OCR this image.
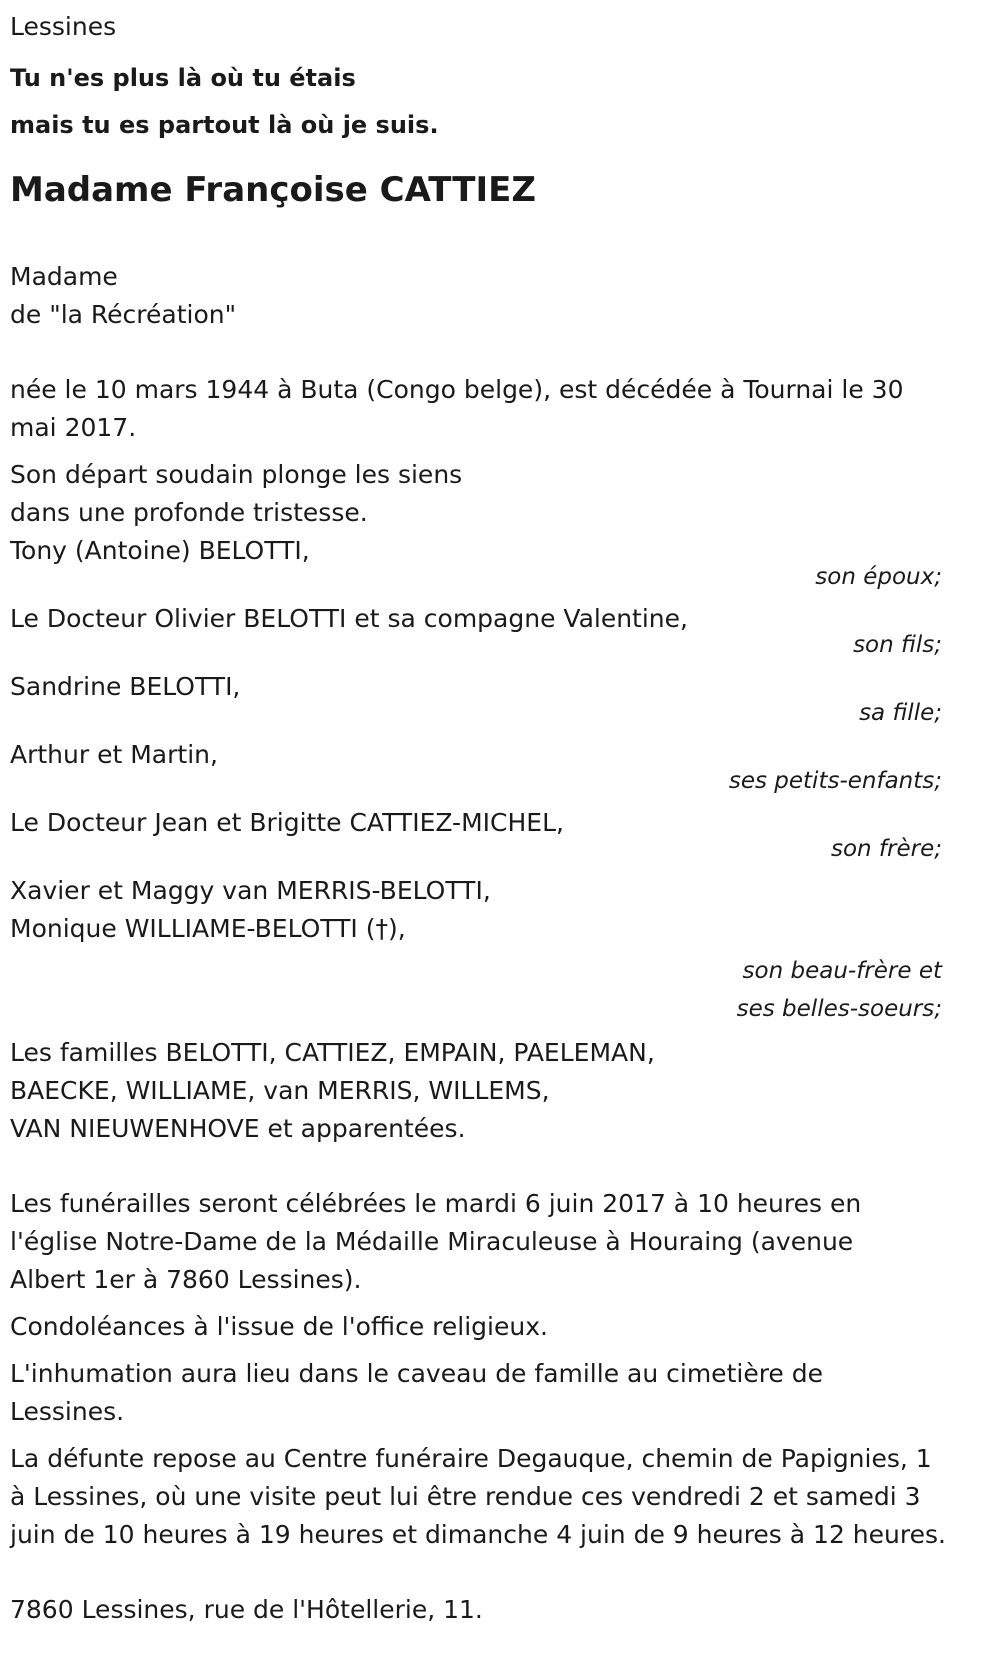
Lessines
Tu n'es plus là où tu étais
mais tu es partout là où je suis.
Madame Françoise CATTIEZ
Madame
de "la Récréation"
née le 10 mars 1944 à Buta (Congo belge), est décédée à Tournai le 30
mai 2017.
Son départ soudain plonge les siens
dans une profonde tristesse.
Tony (Antoine) BELOTTI,
son époux;
Le Docteur Olivier BELOTTI et sa compagne Valentine,
son fils;
Sandrine BELOTTI,
sa fille;
Arthur et Martin,
ses petits-enfants;
Le Docteur Jean et Brigitte CATTIEZ-MICHEL,
son frère;
Xavier et Maggy van MERRIS-BELOTTI,
Monique WILLIAME-BELOTTI (†),
son beau-frère et
ses belles-soeurs;
Les familles BELOTTI, CATTIEZ, EMPAIN, PAELEMAN,
BAECKE, WILLIAME, van MERRIS, WILLEMS,
VAN NIEUWENHOVE et apparentées.
Les funérailles seront célébrées le mardi 6 juin 2017 à 10 heures en
l'église Notre-Dame de la Médaille Miraculeuse à Houraing (avenue
Albert 1er à 7860 Lessines).
Condoléances à l'issue de l'office religieux.
L'inhumation aura lieu dans le caveau de famille au cimetière de
Lessines.
La défunte repose au Centre funéraire Degauque, chemin de Papignies, 1
à Lessines, où une visite peut lui être rendue ces vendredi 2 et samedi 3
juin de 10 heures à 19 heures et dimanche 4 juin de 9 heures à 12 heures.
7860 Lessines, rue de l'Hôtellerie, 11.
